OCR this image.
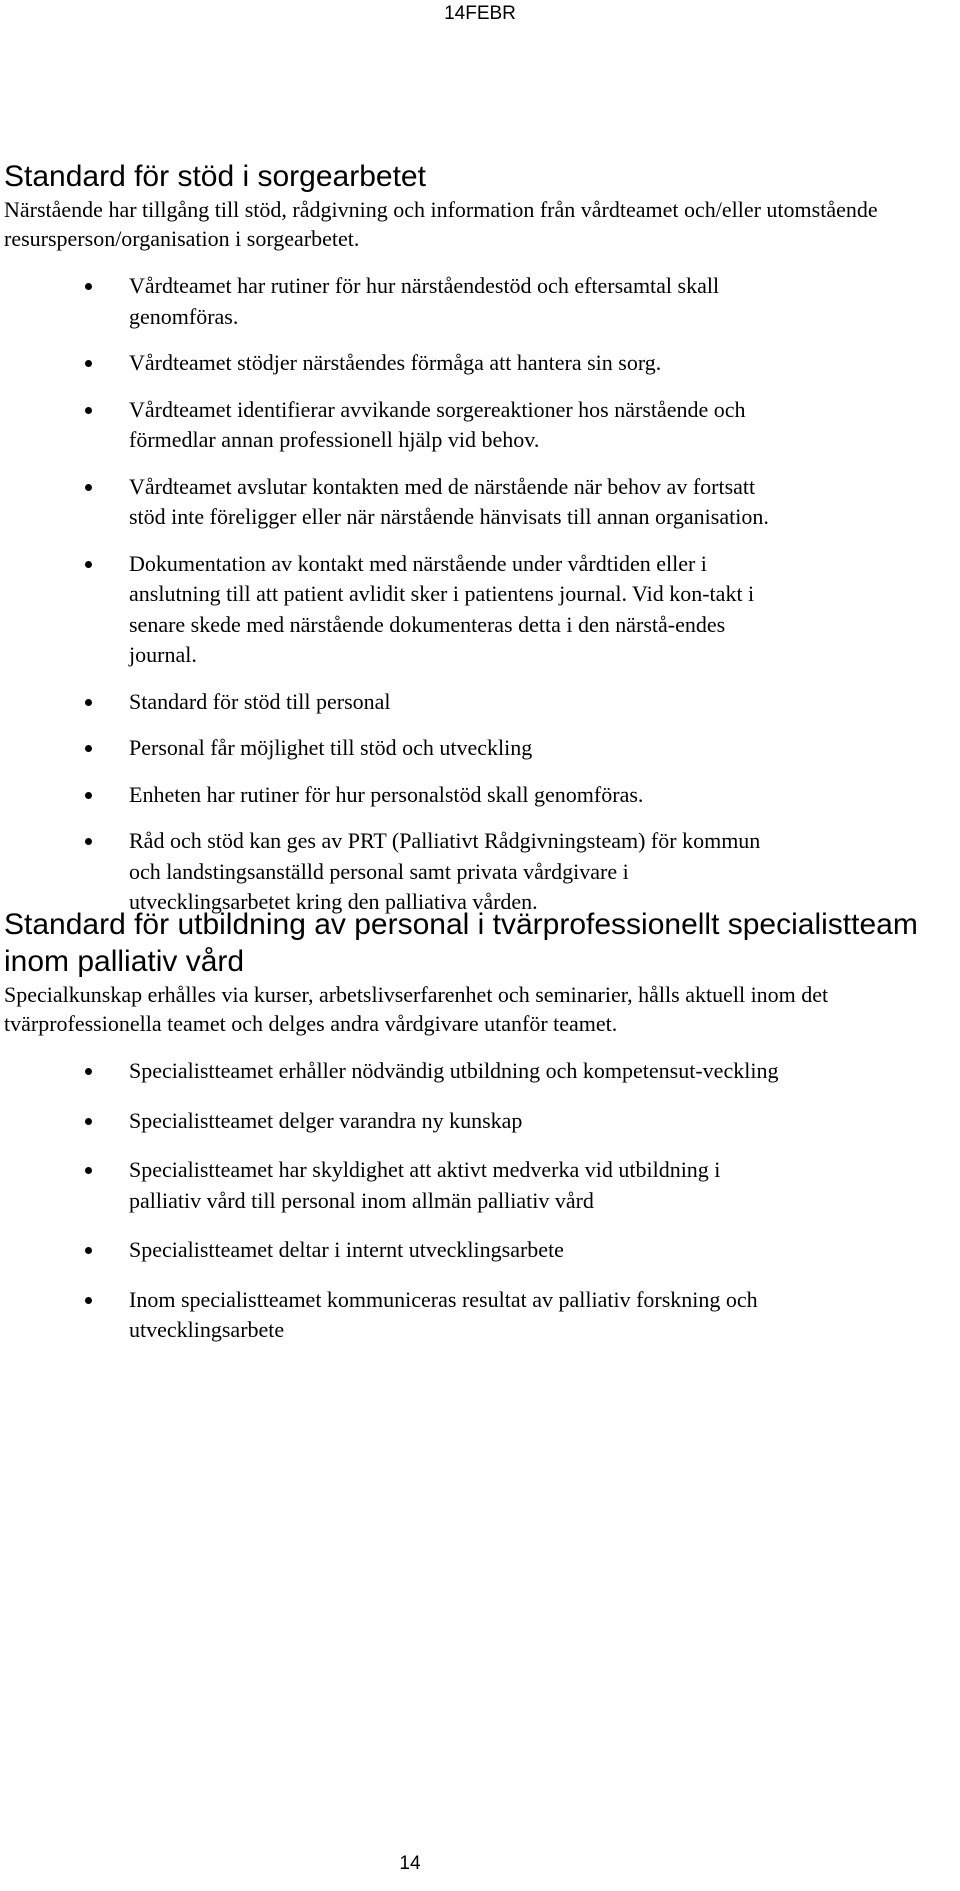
14FEBR
Standard för stöd i sorgearbetet

Närstående har tillgång till stöd, rådgivning och information från vårdteamet och/eller utomstående resursperson/organisation i sorgearbetet.

Vårdteamet har rutiner för hur närståendestöd och eftersamtal skall genomföras.
Vårdteamet stödjer närståendes förmåga att hantera sin sorg.
Vårdteamet identifierar avvikande sorgereaktioner hos närstående och förmedlar annan professionell hjälp vid behov.
Vårdteamet avslutar kontakten med de närstående när behov av fortsatt stöd inte föreligger eller när närstående hänvisats till annan organisation.
Dokumentation av kontakt med närstående under vårdtiden eller i anslutning till att patient avlidit sker i patientens journal. Vid kon-takt i senare skede med närstående dokumenteras detta i den närstå-endes journal.
Standard för stöd till personal
Personal får möjlighet till stöd och utveckling
Enheten har rutiner för hur personalstöd skall genomföras.
Råd och stöd kan ges av PRT (Palliativt Rådgivningsteam) för kommun och landstingsanställd personal samt privata vårdgivare i utvecklingsarbetet kring den palliativa vården.
Standard för utbildning av personal i tvärprofessionellt specialistteam inom palliativ vård

Specialkunskap erhålles via kurser, arbetslivserfarenhet och seminarier, hålls aktuell inom det tvärprofessionella teamet och delges andra vårdgivare utanför teamet.

Specialistteamet erhåller nödvändig utbildning och kompetensut-veckling
Specialistteamet delger varandra ny kunskap
Specialistteamet har skyldighet att aktivt medverka vid utbildning i palliativ vård till personal inom allmän palliativ vård
Specialistteamet deltar i internt utvecklingsarbete
Inom specialistteamet kommuniceras resultat av palliativ forskning och utvecklingsarbete
14
